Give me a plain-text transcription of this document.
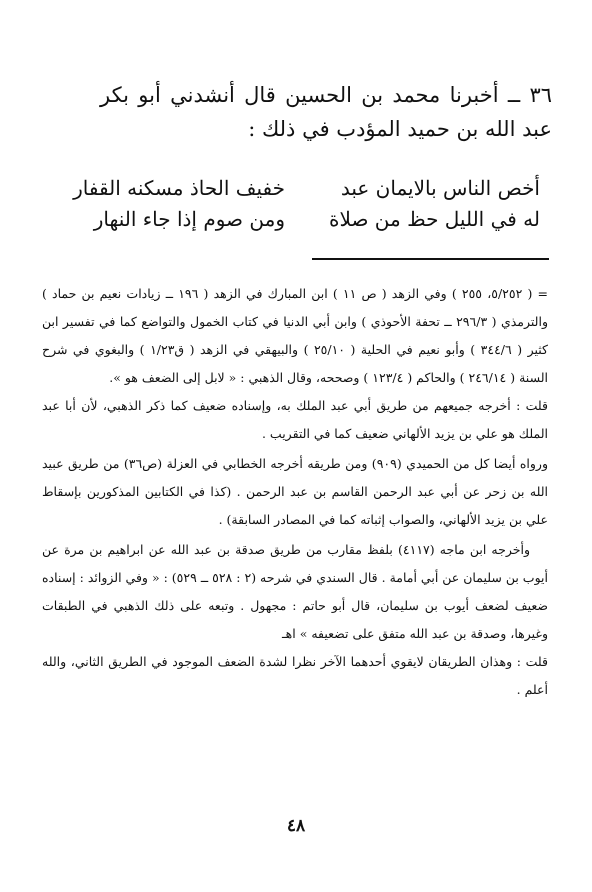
٣٦ ــ أخبرنا محمد بن الحسين قال أنشدني أبو بكر عبد الله بن حميد المؤدب في ذلك :
أخص الناس بالايمان عبد
خفيف الحاذ مسكنه القفار
له في الليل حظ من صلاة
ومن صوم إذا جاء النهار

= ( ٥/٢٥٢، ٢٥٥ ) وفي الزهد ( ص ١١ ) ابن المبارك في الزهد ( ١٩٦ ــ زيادات نعيم بن حماد ) والترمذي ( ٢٩٦/٣ ــ تحفة الأحوذي ) وابن أبي الدنيا في كتاب الخمول والتواضع كما في تفسير ابن كثير ( ٣٤٤/٦ ) وأبو نعيم في الحلية ( ٢٥/١٠ ) والبيهقي في الزهد ( ق١/٢٣ ) والبغوي في شرح السنة ( ٢٤٦/١٤ ) والحاكم ( ١٢٣/٤ ) وصححه، وقال الذهبي : « لابل إلى الضعف هو ».

قلت : أخرجه جميعهم من طريق أبي عبد الملك به، وإسناده ضعيف كما ذكر الذهبي، لأن أبا عبد الملك هو علي بن يزيد الألهاني ضعيف كما في التقريب .

ورواه أيضا كل من الحميدي (٩٠٩) ومن طريقه أخرجه الخطابي في العزلة (ص٣٦) من طريق عبيد الله بن زحر عن أبي عبد الرحمن القاسم بن عبد الرحمن . (كذا في الكتابين المذكورين بإسقاط علي بن يزيد الألهاني، والصواب إثباته كما في المصادر السابقة) .

وأخرجه ابن ماجه (٤١١٧) بلفظ مقارب من طريق صدقة بن عبد الله عن ابراهيم بن مرة عن أيوب بن سليمان عن أبي أمامة . قال السندي في شرحه (٢ : ٥٢٨ ــ ٥٢٩) : « وفي الزوائد : إسناده ضعيف لضعف أيوب بن سليمان، قال أبو حاتم : مجهول . وتبعه على ذلك الذهبي في الطبقات وغيرها، وصدقة بن عبد الله متفق على تضعيفه » اهـ

قلت : وهذان الطريقان لايقوي أحدهما الآخر نظرا لشدة الضعف الموجود في الطريق الثاني، والله أعلم .

٤٨
